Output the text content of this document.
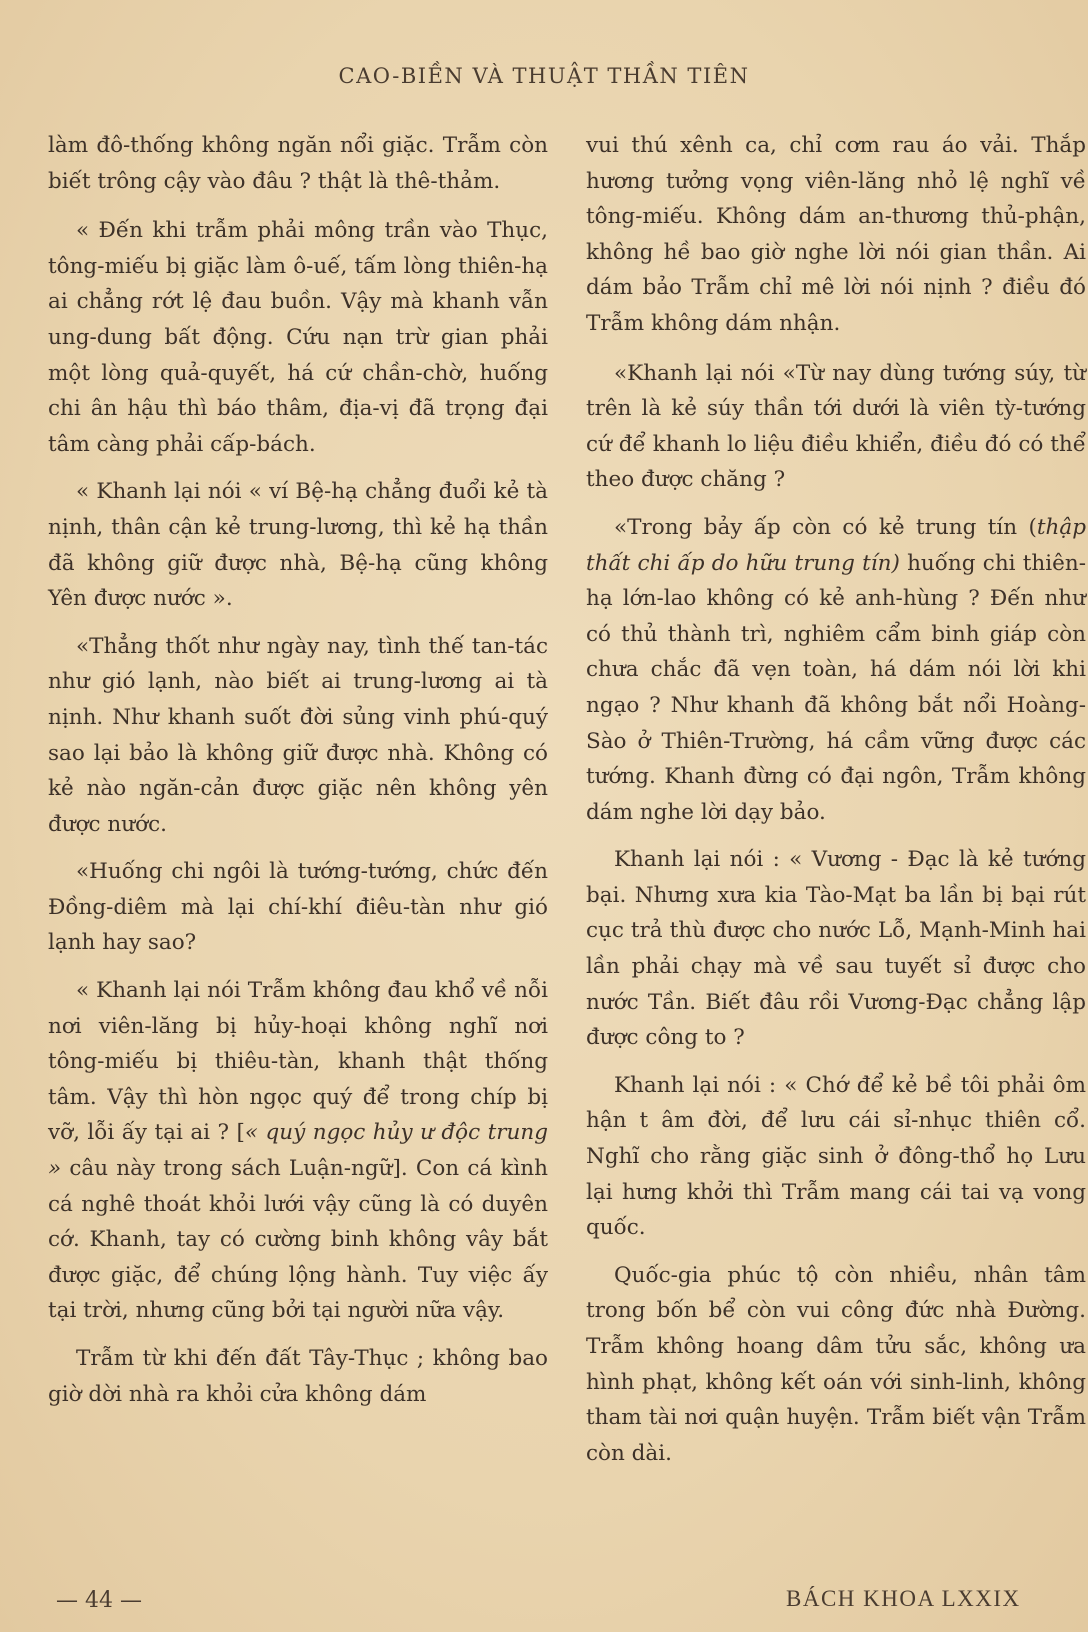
CAO-BIỀN VÀ THUẬT THẦN TIÊN

làm đô-thống không ngăn nổi giặc. Trẫm còn biết trông cậy vào đâu ? thật là thê-thảm.

« Đến khi trẫm phải mông trần vào Thục, tông-miếu bị giặc làm ô-uế, tấm lòng thiên-hạ ai chẳng rớt lệ đau buồn. Vậy mà khanh vẫn ung-dung bất động. Cứu nạn trừ gian phải một lòng quả-quyết, há cứ chần-chờ, huống chi ân hậu thì báo thâm, địa-vị đã trọng đại tâm càng phải cấp-bách.

« Khanh lại nói « ví Bệ-hạ chẳng đuổi kẻ tà nịnh, thân cận kẻ trung-lương, thì kẻ hạ thần đã không giữ được nhà, Bệ-hạ cũng không Yên được nước ».

«Thẳng thốt như ngày nay, tình thế tan-tác như gió lạnh, nào biết ai trung-lương ai tà nịnh. Như khanh suốt đời sủng vinh phú-quý sao lại bảo là không giữ được nhà. Không có kẻ nào ngăn-cản được giặc nên không yên được nước.

«Huống chi ngôi là tướng-tướng, chức đến Đồng-diêm mà lại chí-khí điêu-tàn như gió lạnh hay sao?

« Khanh lại nói Trẫm không đau khổ về nỗi nơi viên-lăng bị hủy-hoại không nghĩ nơi tông-miếu bị thiêu-tàn, khanh thật thống tâm. Vậy thì hòn ngọc quý để trong chíp bị vỡ, lỗi ấy tại ai ? [« quý ngọc hủy ư độc trung » câu này trong sách Luận-ngữ]. Con cá kình cá nghê thoát khỏi lưới vậy cũng là có duyên cớ. Khanh, tay có cường binh không vây bắt được giặc, để chúng lộng hành. Tuy việc ấy tại trời, nhưng cũng bởi tại người nữa vậy.

Trẫm từ khi đến đất Tây-Thục ; không bao giờ dời nhà ra khỏi cửa không dám

vui thú xênh ca, chỉ cơm rau áo vải. Thắp hương tưởng vọng viên-lăng nhỏ lệ nghĩ về tông-miếu. Không dám an-thương thủ-phận, không hề bao giờ nghe lời nói gian thần. Ai dám bảo Trẫm chỉ mê lời nói nịnh ? điều đó Trẫm không dám nhận.

«Khanh lại nói «Từ nay dùng tướng súy, từ trên là kẻ súy thần tới dưới là viên tỳ-tướng cứ để khanh lo liệu điều khiển, điều đó có thể theo được chăng ?

«Trong bảy ấp còn có kẻ trung tín (thập thất chi ấp do hữu trung tín) huống chi thiên-hạ lớn-lao không có kẻ anh-hùng ? Đến như có thủ thành trì, nghiêm cẩm binh giáp còn chưa chắc đã vẹn toàn, há dám nói lời khi ngạo ? Như khanh đã không bắt nổi Hoàng-Sào ở Thiên-Trường, há cầm vững được các tướng. Khanh đừng có đại ngôn, Trẫm không dám nghe lời dạy bảo.

Khanh lại nói : « Vương - Đạc là kẻ tướng bại. Nhưng xưa kia Tào-Mạt ba lần bị bại rút cục trả thù được cho nước Lỗ, Mạnh-Minh hai lần phải chạy mà về sau tuyết sỉ được cho nước Tần. Biết đâu rồi Vương-Đạc chẳng lập được công to ?

Khanh lại nói : « Chớ để kẻ bề tôi phải ôm hận t âm đời, để lưu cái sỉ-nhục thiên cổ. Nghĩ cho rằng giặc sinh ở đông-thổ họ Lưu lại hưng khởi thì Trẫm mang cái tai vạ vong quốc.

Quốc-gia phúc tộ còn nhiều, nhân tâm trong bốn bể còn vui công đức nhà Đường. Trẫm không hoang dâm tửu sắc, không ưa hình phạt, không kết oán với sinh-linh, không tham tài nơi quận huyện. Trẫm biết vận Trẫm còn dài.

— 44 —	BÁCH KHOA LXXIX
